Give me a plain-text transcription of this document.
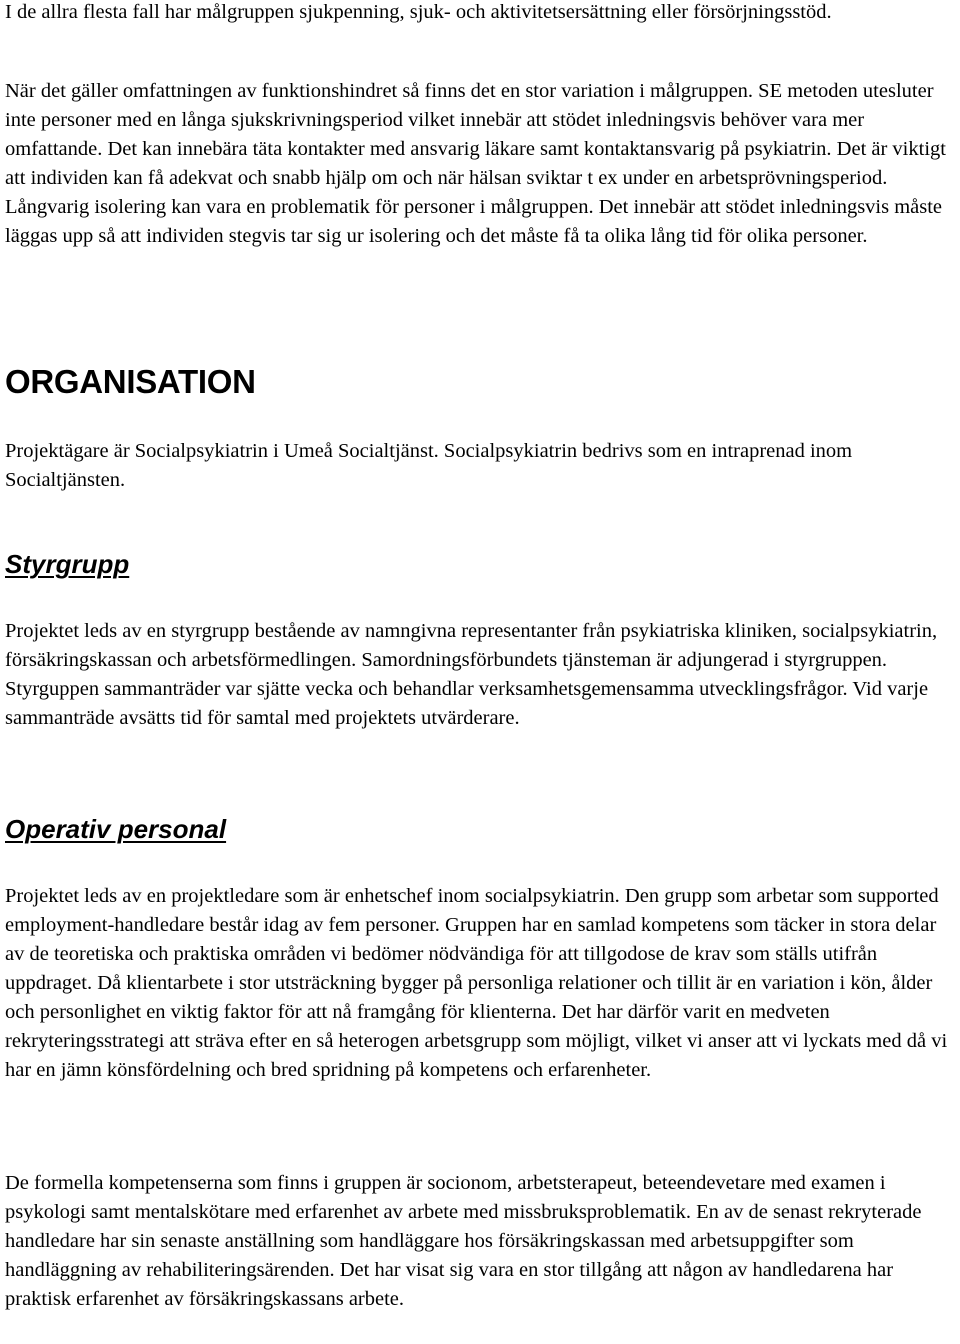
I de allra flesta fall har målgruppen sjukpenning, sjuk- och aktivitetsersättning eller försörjningsstöd.

När det gäller omfattningen av funktionshindret så finns det en stor variation i målgruppen. SE metoden utesluter inte personer med en långa sjukskrivningsperiod vilket innebär att stödet inledningsvis behöver vara mer omfattande. Det kan innebära täta kontakter med ansvarig läkare samt kontaktansvarig på psykiatrin. Det är viktigt att individen kan få adekvat och snabb hjälp om och när hälsan sviktar t ex under en arbetsprövningsperiod. Långvarig isolering kan vara en problematik för personer i målgruppen. Det innebär att stödet inledningsvis måste läggas upp så att individen stegvis tar sig ur isolering och det måste få ta olika lång tid för olika personer.

ORGANISATION

Projektägare är Socialpsykiatrin i Umeå Socialtjänst. Socialpsykiatrin bedrivs som en intraprenad inom Socialtjänsten.

Styrgrupp

Projektet leds av en styrgrupp bestående av namngivna representanter från psykiatriska kliniken, socialpsykiatrin, försäkringskassan och arbetsförmedlingen. Samordningsförbundets tjänsteman är adjungerad i styrgruppen. Styrguppen sammanträder var sjätte vecka och behandlar verksamhetsgemensamma utvecklingsfrågor. Vid varje sammanträde avsätts tid för samtal med projektets utvärderare.

Operativ personal

Projektet leds av en projektledare som är enhetschef inom socialpsykiatrin. Den grupp som arbetar som supported employment-handledare består idag av fem personer. Gruppen har en samlad kompetens som täcker in stora delar av de teoretiska och praktiska områden vi bedömer nödvändiga för att tillgodose de krav som ställs utifrån uppdraget. Då klientarbete i stor utsträckning bygger på personliga relationer och tillit är en variation i kön, ålder och personlighet en viktig faktor för att nå framgång för klienterna. Det har därför varit en medveten rekryteringsstrategi att sträva efter en så heterogen arbetsgrupp som möjligt, vilket vi anser att vi lyckats med då vi har en jämn könsfördelning och bred spridning på kompetens och erfarenheter.

De formella kompetenserna som finns i gruppen är socionom, arbetsterapeut, beteendevetare med examen i psykologi samt mentalskötare med erfarenhet av arbete med missbruksproblematik. En av de senast rekryterade handledare har sin senaste anställning som handläggare hos försäkringskassan med arbetsuppgifter som handläggning av rehabiliteringsärenden. Det har visat sig vara en stor tillgång att någon av handledarena har praktisk erfarenhet av försäkringskassans arbete.
